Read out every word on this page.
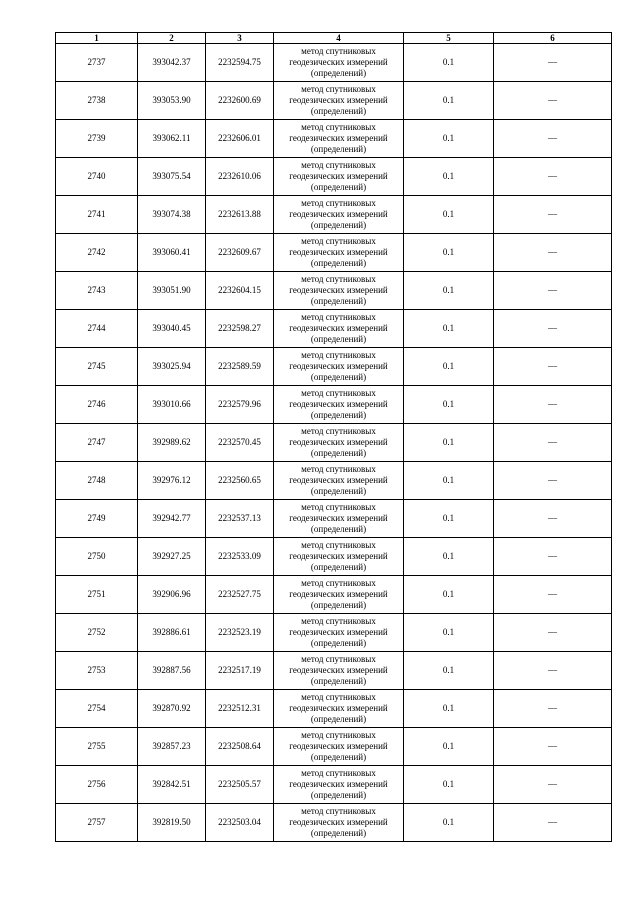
1	2	3	4	5	6
2737	393042.37	2232594.75	метод спутниковых
геодезических измерений
(определений)	0.1	—
2738	393053.90	2232600.69	метод спутниковых
геодезических измерений
(определений)	0.1	—
2739	393062.11	2232606.01	метод спутниковых
геодезических измерений
(определений)	0.1	—
2740	393075.54	2232610.06	метод спутниковых
геодезических измерений
(определений)	0.1	—
2741	393074.38	2232613.88	метод спутниковых
геодезических измерений
(определений)	0.1	—
2742	393060.41	2232609.67	метод спутниковых
геодезических измерений
(определений)	0.1	—
2743	393051.90	2232604.15	метод спутниковых
геодезических измерений
(определений)	0.1	—
2744	393040.45	2232598.27	метод спутниковых
геодезических измерений
(определений)	0.1	—
2745	393025.94	2232589.59	метод спутниковых
геодезических измерений
(определений)	0.1	—
2746	393010.66	2232579.96	метод спутниковых
геодезических измерений
(определений)	0.1	—
2747	392989.62	2232570.45	метод спутниковых
геодезических измерений
(определений)	0.1	—
2748	392976.12	2232560.65	метод спутниковых
геодезических измерений
(определений)	0.1	—
2749	392942.77	2232537.13	метод спутниковых
геодезических измерений
(определений)	0.1	—
2750	392927.25	2232533.09	метод спутниковых
геодезических измерений
(определений)	0.1	—
2751	392906.96	2232527.75	метод спутниковых
геодезических измерений
(определений)	0.1	—
2752	392886.61	2232523.19	метод спутниковых
геодезических измерений
(определений)	0.1	—
2753	392887.56	2232517.19	метод спутниковых
геодезических измерений
(определений)	0.1	—
2754	392870.92	2232512.31	метод спутниковых
геодезических измерений
(определений)	0.1	—
2755	392857.23	2232508.64	метод спутниковых
геодезических измерений
(определений)	0.1	—
2756	392842.51	2232505.57	метод спутниковых
геодезических измерений
(определений)	0.1	—
2757	392819.50	2232503.04	метод спутниковых
геодезических измерений
(определений)	0.1	—
